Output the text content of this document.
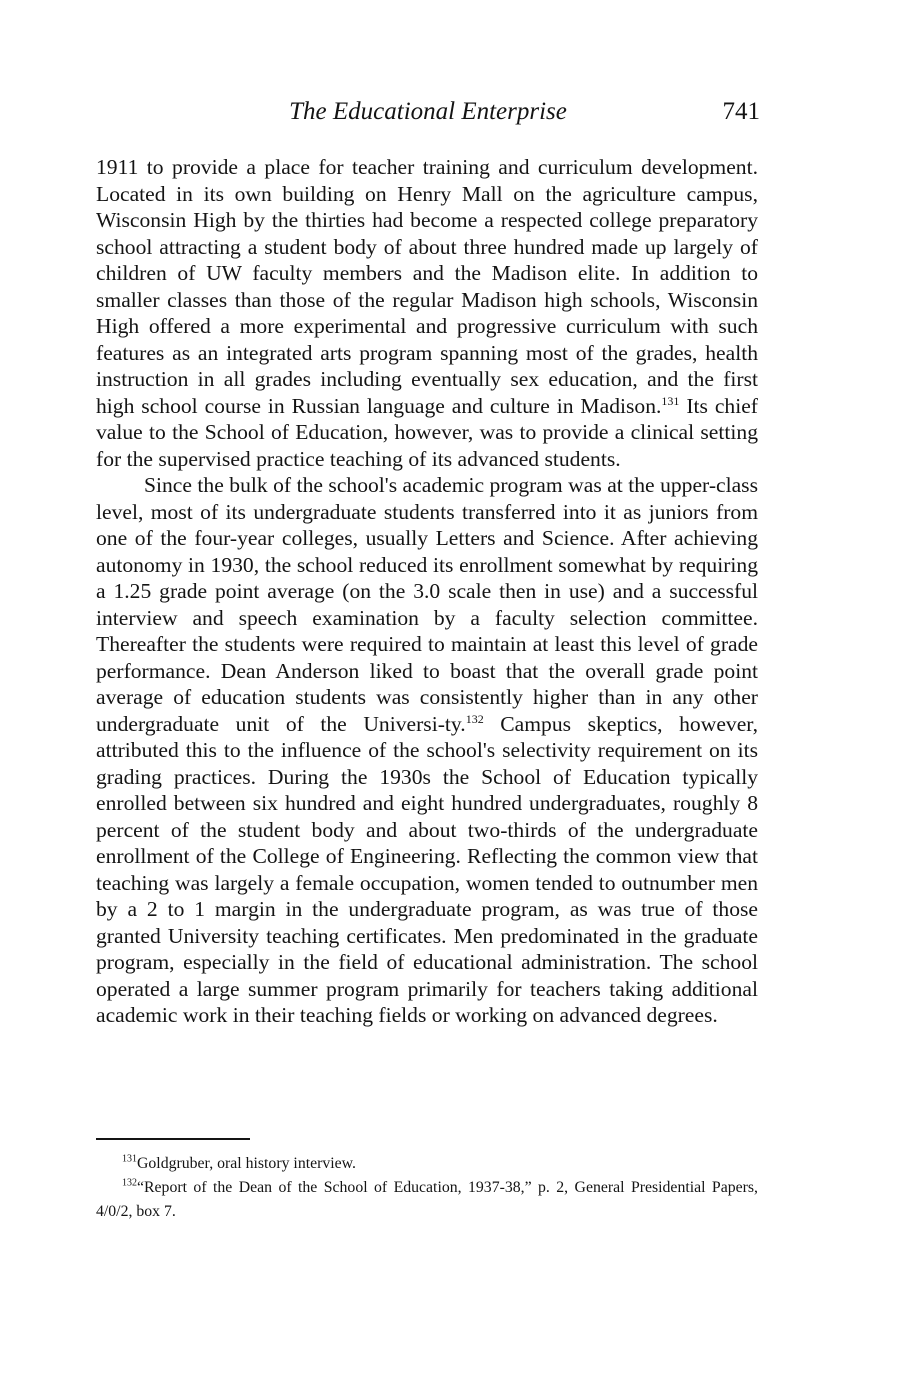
The Educational Enterprise	741

1911 to provide a place for teacher training and curriculum development. Located in its own building on Henry Mall on the agriculture campus, Wisconsin High by the thirties had become a respected college preparatory school attracting a student body of about three hundred made up largely of children of UW faculty members and the Madison elite. In addition to smaller classes than those of the regular Madison high schools, Wisconsin High offered a more experimental and progressive curriculum with such features as an integrated arts program spanning most of the grades, health instruction in all grades including eventually sex education, and the first high school course in Russian language and culture in Madison.$^{131}$ Its chief value to the School of Education, however, was to provide a clinical setting for the supervised practice teaching of its advanced students.

Since the bulk of the school's academic program was at the upper-class level, most of its undergraduate students transferred into it as juniors from one of the four-year colleges, usually Letters and Science. After achieving autonomy in 1930, the school reduced its enrollment somewhat by requiring a 1.25 grade point average (on the 3.0 scale then in use) and a successful interview and speech examination by a faculty selection committee. Thereafter the students were required to maintain at least this level of grade performance. Dean Anderson liked to boast that the overall grade point average of education students was consistently higher than in any other undergraduate unit of the Universi-ty.$^{132}$ Campus skeptics, however, attributed this to the influence of the school's selectivity requirement on its grading practices. During the 1930s the School of Education typically enrolled between six hundred and eight hundred undergraduates, roughly 8 percent of the student body and about two-thirds of the undergraduate enrollment of the College of Engineering. Reflecting the common view that teaching was largely a female occupation, women tended to outnumber men by a 2 to 1 margin in the undergraduate program, as was true of those granted University teaching certificates. Men predominated in the graduate program, especially in the field of educational administration. The school operated a large summer program primarily for teachers taking additional academic work in their teaching fields or working on advanced degrees.

$^{131}$Goldgruber, oral history interview.

$^{132}$“Report of the Dean of the School of Education, 1937-38,” p. 2, General Presidential Papers, 4/0/2, box 7.
